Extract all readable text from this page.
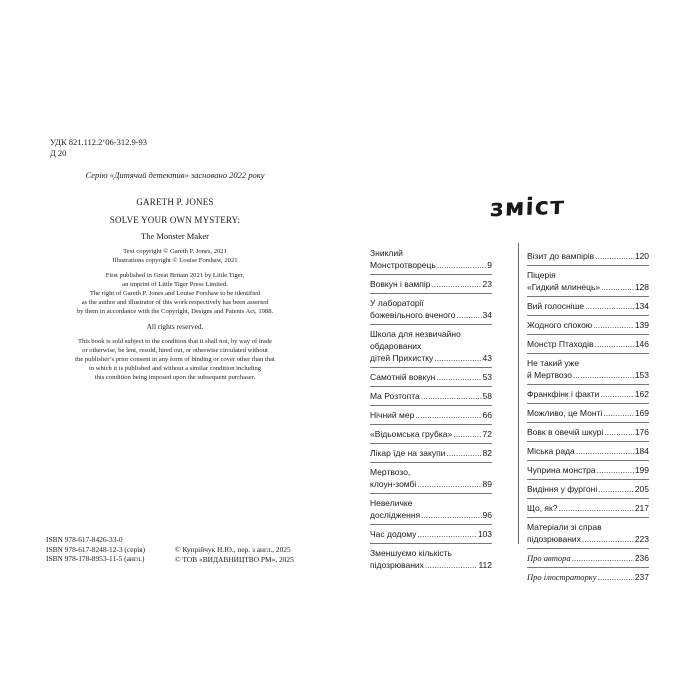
УДК 821.112.2’06-312.9-93
Д 20
Серію «Дитячий детектив» засновано 2022 року
GARETH P. JONES
SOLVE YOUR OWN MYSTERY:
The Monster Maker
Text copyright © Gareth P. Jones, 2021
Illustrations copyright © Louise Forshaw, 2021
First published in Great Britain 2021 by Little Tiger,
an imprint of Little Tiger Press Limited.
The right of Gareth P. Jones and Louise Forshaw to be identified
as the author and illustrator of this work respectively has been asserted
by them in accordance with the Copyright, Designs and Patents Act, 1988.
All rights reserved.
This book is sold subject to the condition that it shall not, by way of trade
or otherwise, be lent, resold, hired out, or otherwise circulated without
the publisher’s prior consent in any form of binding or cover other than that
in which it is published and without a similar condition including
this condition being imposed upon the subsequent purchaser.
ISBN 978-617-8426-33-0
ISBN 978-617-8248-12-3 (серія)
ISBN 978-178-8953-11-5 (англ.)
© Купрійчук Н.Ю., пер. з англ., 2025
© ТОВ «ВИДАВНИЦТВО РМ», 2025
зміст
Зниклий
Монстротворець .....	9
Вовкун і вампір .....	23
У лабораторії
божевільного вченого .....	34
Школа для незвичайно
обдарованих
дітей Прихистку .....	43
Самотній вовкун .....	53
Ма Розтопта .....	58
Нічний мер .....	66
«Відьомська грубка» .....	72
Лікар їде на закупи .....	82
Мертвозо,
клоун-зомбі .....	89
Невеличке
дослідження .....	96
Час додому .....	103
Зменшуємо кількість
підозрюваних .....	112
Візит до вампірів .....	120
Піцерія
«Гидкий млинець» .....	128
Вий голосніше .....	134
Жодного спокою .....	139
Монстр Птаходів .....	146
Не такий уже
й Мертвозо .....	153
Франкфінк і факти .....	162
Можливо, це Монті .....	169
Вовк в овечій шкурі .....	176
Міська рада .....	184
Чуприна монстра .....	199
Видіння у фургоні .....	205
Що, як? .....	217
Матеріали зі справ
підозрюваних .....	223
Про автора .....	236
Про ілюстраторку .....	237
